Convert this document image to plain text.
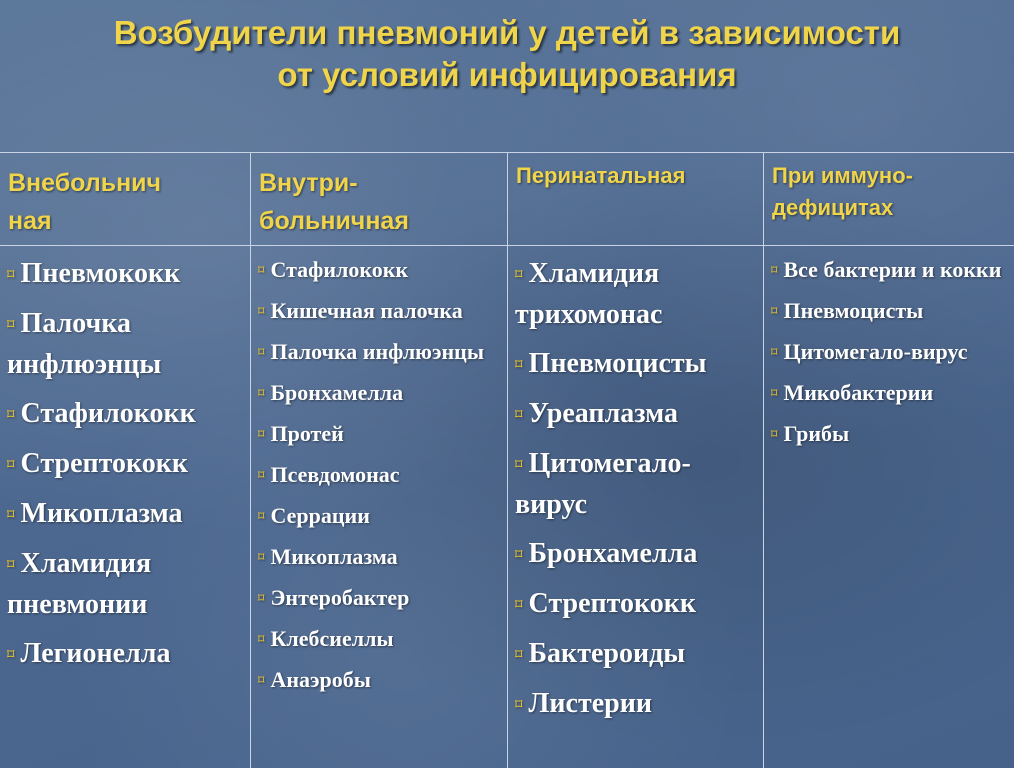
Возбудители пневмоний у детей в зависимости
от условий инфицирования
Внебольнич
ная
⌑ Пневмококк
⌑ Палочка инфлюэнцы
⌑ Стафилококк
⌑ Стрептококк
⌑ Микоплазма
⌑ Хламидия пневмонии
⌑ Легионелла
Внутри-
больничная
⌑ Стафилококк
⌑ Кишечная палочка
⌑ Палочка инфлюэнцы
⌑ Бронхамелла
⌑ Протей
⌑ Псевдомонас
⌑ Серрации
⌑ Микоплазма
⌑ Энтеробактер
⌑ Клебсиеллы
⌑ Анаэробы
Перинатальная
⌑ Хламидия трихомонас
⌑ Пневмоцисты
⌑ Уреаплазма
⌑ Цитомегало-вирус
⌑ Бронхамелла
⌑ Стрептококк
⌑ Бактероиды
⌑ Листерии
При иммуно-
дефицитах
⌑ Все бактерии и кокки
⌑ Пневмоцисты
⌑ Цитомегало-вирус
⌑ Микобактерии
⌑ Грибы
